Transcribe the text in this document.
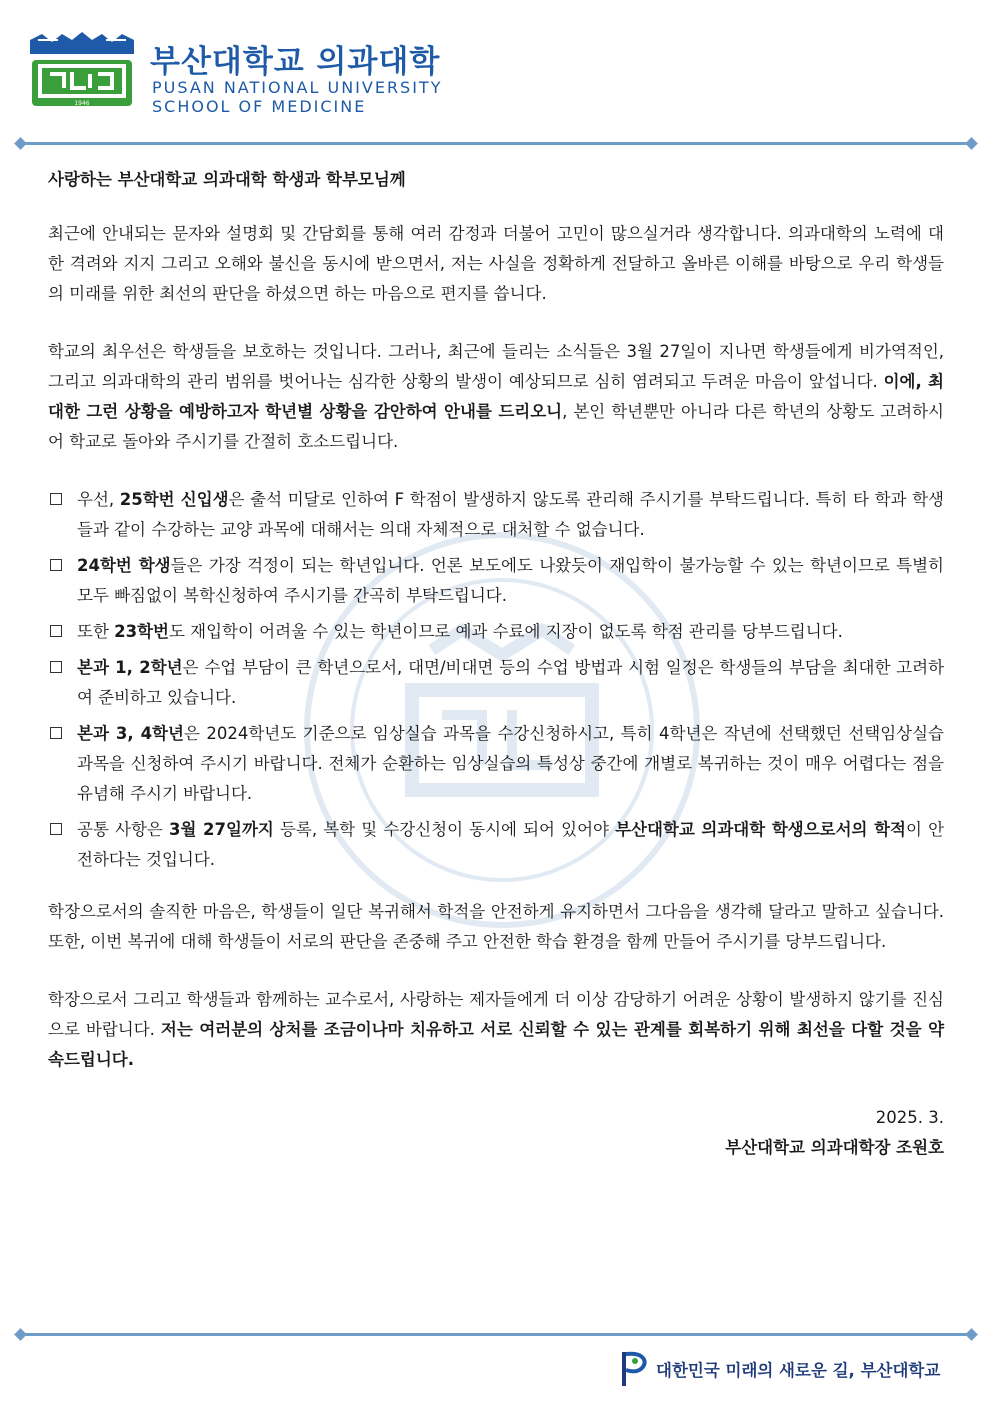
1946
부산대학교 의과대학
PUSAN NATIONAL UNIVERSITY
SCHOOL OF MEDICINE

사랑하는 부산대학교 의과대학 학생과 학부모님께

최근에 안내되는 문자와 설명회 및 간담회를 통해 여러 감정과 더불어 고민이 많으실거라 생각합니다. 의과대학의 노력에 대한 격려와 지지 그리고 오해와 불신을 동시에 받으면서, 저는 사실을 정확하게 전달하고 올바른 이해를 바탕으로 우리 학생들의 미래를 위한 최선의 판단을 하셨으면 하는 마음으로 편지를 씁니다.

학교의 최우선은 학생들을 보호하는 것입니다. 그러나, 최근에 들리는 소식들은 3월 27일이 지나면 학생들에게 비가역적인, 그리고 의과대학의 관리 범위를 벗어나는 심각한 상황의 발생이 예상되므로 심히 염려되고 두려운 마음이 앞섭니다. 이에, 최대한 그런 상황을 예방하고자 학년별 상황을 감안하여 안내를 드리오니, 본인 학년뿐만 아니라 다른 학년의 상황도 고려하시어 학교로 돌아와 주시기를 간절히 호소드립니다.

우선, 25학번 신입생은 출석 미달로 인하여 F 학점이 발생하지 않도록 관리해 주시기를 부탁드립니다. 특히 타 학과 학생들과 같이 수강하는 교양 과목에 대해서는 의대 자체적으로 대처할 수 없습니다.
24학번 학생들은 가장 걱정이 되는 학년입니다. 언론 보도에도 나왔듯이 재입학이 불가능할 수 있는 학년이므로 특별히 모두 빠짐없이 복학신청하여 주시기를 간곡히 부탁드립니다.
또한 23학번도 재입학이 어려울 수 있는 학년이므로 예과 수료에 지장이 없도록 학점 관리를 당부드립니다.
본과 1, 2학년은 수업 부담이 큰 학년으로서, 대면/비대면 등의 수업 방법과 시험 일정은 학생들의 부담을 최대한 고려하여 준비하고 있습니다.
본과 3, 4학년은 2024학년도 기준으로 임상실습 과목을 수강신청하시고, 특히 4학년은 작년에 선택했던 선택임상실습 과목을 신청하여 주시기 바랍니다. 전체가 순환하는 임상실습의 특성상 중간에 개별로 복귀하는 것이 매우 어렵다는 점을 유념해 주시기 바랍니다.
공통 사항은 3월 27일까지 등록, 복학 및 수강신청이 동시에 되어 있어야 부산대학교 의과대학 학생으로서의 학적이 안전하다는 것입니다.

학장으로서의 솔직한 마음은, 학생들이 일단 복귀해서 학적을 안전하게 유지하면서 그다음을 생각해 달라고 말하고 싶습니다. 또한, 이번 복귀에 대해 학생들이 서로의 판단을 존중해 주고 안전한 학습 환경을 함께 만들어 주시기를 당부드립니다.

학장으로서 그리고 학생들과 함께하는 교수로서, 사랑하는 제자들에게 더 이상 감당하기 어려운 상황이 발생하지 않기를 진심으로 바랍니다. 저는 여러분의 상처를 조금이나마 치유하고 서로 신뢰할 수 있는 관계를 회복하기 위해 최선을 다할 것을 약속드립니다.

2025. 3.
부산대학교 의과대학장 조원호
대한민국 미래의 새로운 길, 부산대학교
